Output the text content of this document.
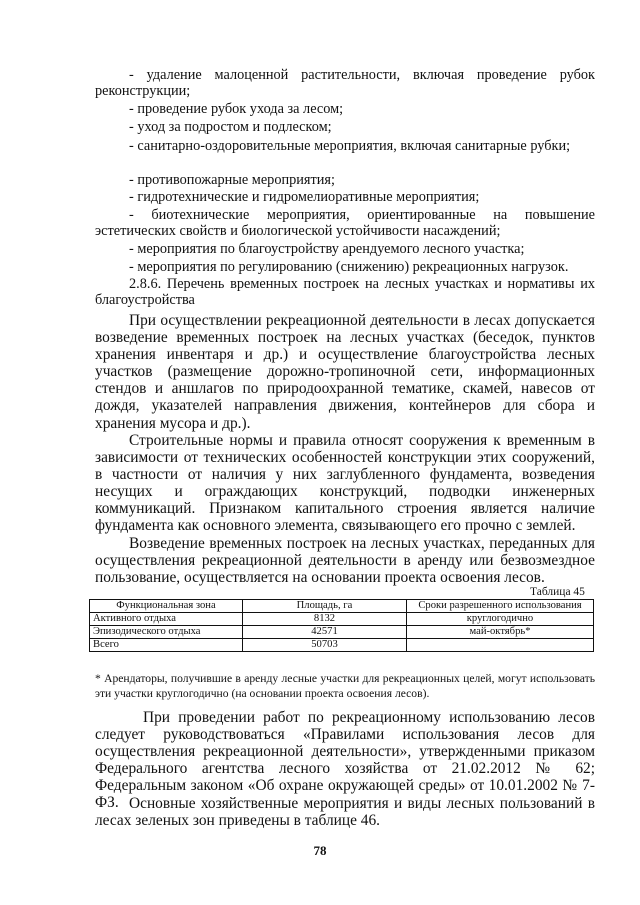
- удаление малоценной растительности, включая проведение рубок реконструкции;

- проведение рубок ухода за лесом;

- уход за подростом и подлеском;

- санитарно-оздоровительные мероприятия, включая санитарные рубки;

- противопожарные мероприятия;

- гидротехнические и гидромелиоративные мероприятия;

- биотехнические мероприятия, ориентированные на повышение эстетических свойств и биологической устойчивости насаждений;

- мероприятия по благоустройству арендуемого лесного участка;

- мероприятия по регулированию (снижению) рекреационных нагрузок.

2.8.6. Перечень временных построек на лесных участках и нормативы их благоустройства

При осуществлении рекреационной деятельности в лесах допускается возведение временных построек на лесных участках (беседок, пунктов хранения инвентаря и др.) и осуществление благоустройства лесных участков (размещение дорожно-тропиночной сети, информационных стендов и аншлагов по природоохранной тематике, скамей, навесов от дождя, указателей направления движения, контейнеров для сбора и хранения мусора и др.).

Строительные нормы и правила относят сооружения к временным в зависимости от технических особенностей конструкции этих сооружений, в частности от наличия у них заглубленного фундамента, возведения несущих и ограждающих конструкций, подводки инженерных коммуникаций. Признаком капитального строения является наличие фундамента как основного элемента, связывающего его прочно с землей.

Возведение временных построек на лесных участках, переданных для осуществления рекреационной деятельности в аренду или безвозмездное пользование, осуществляется на основании проекта освоения лесов.

Таблица 45
Функциональная зона	Площадь, га	Сроки разрешенного использования
Активного отдыха	8132	круглогодично
Эпизодического отдыха	42571	май-октябрь*
Всего	50703	

* Арендаторы, получившие в аренду лесные участки для рекреационных целей, могут использовать эти участки круглогодично (на основании проекта освоения лесов).

При проведении работ по рекреационному использованию лесов следует руководствоваться «Правилами использования лесов для осуществления рекреационной деятельности», утвержденными приказом Федерального агентства лесного хозяйства от 21.02.2012 № 62; Федеральным законом «Об охране окружающей среды» от 10.01.2002 № 7-ФЗ. Основные хозяйственные мероприятия и виды лесных пользований в лесах зеленых зон приведены в таблице 46.

78
